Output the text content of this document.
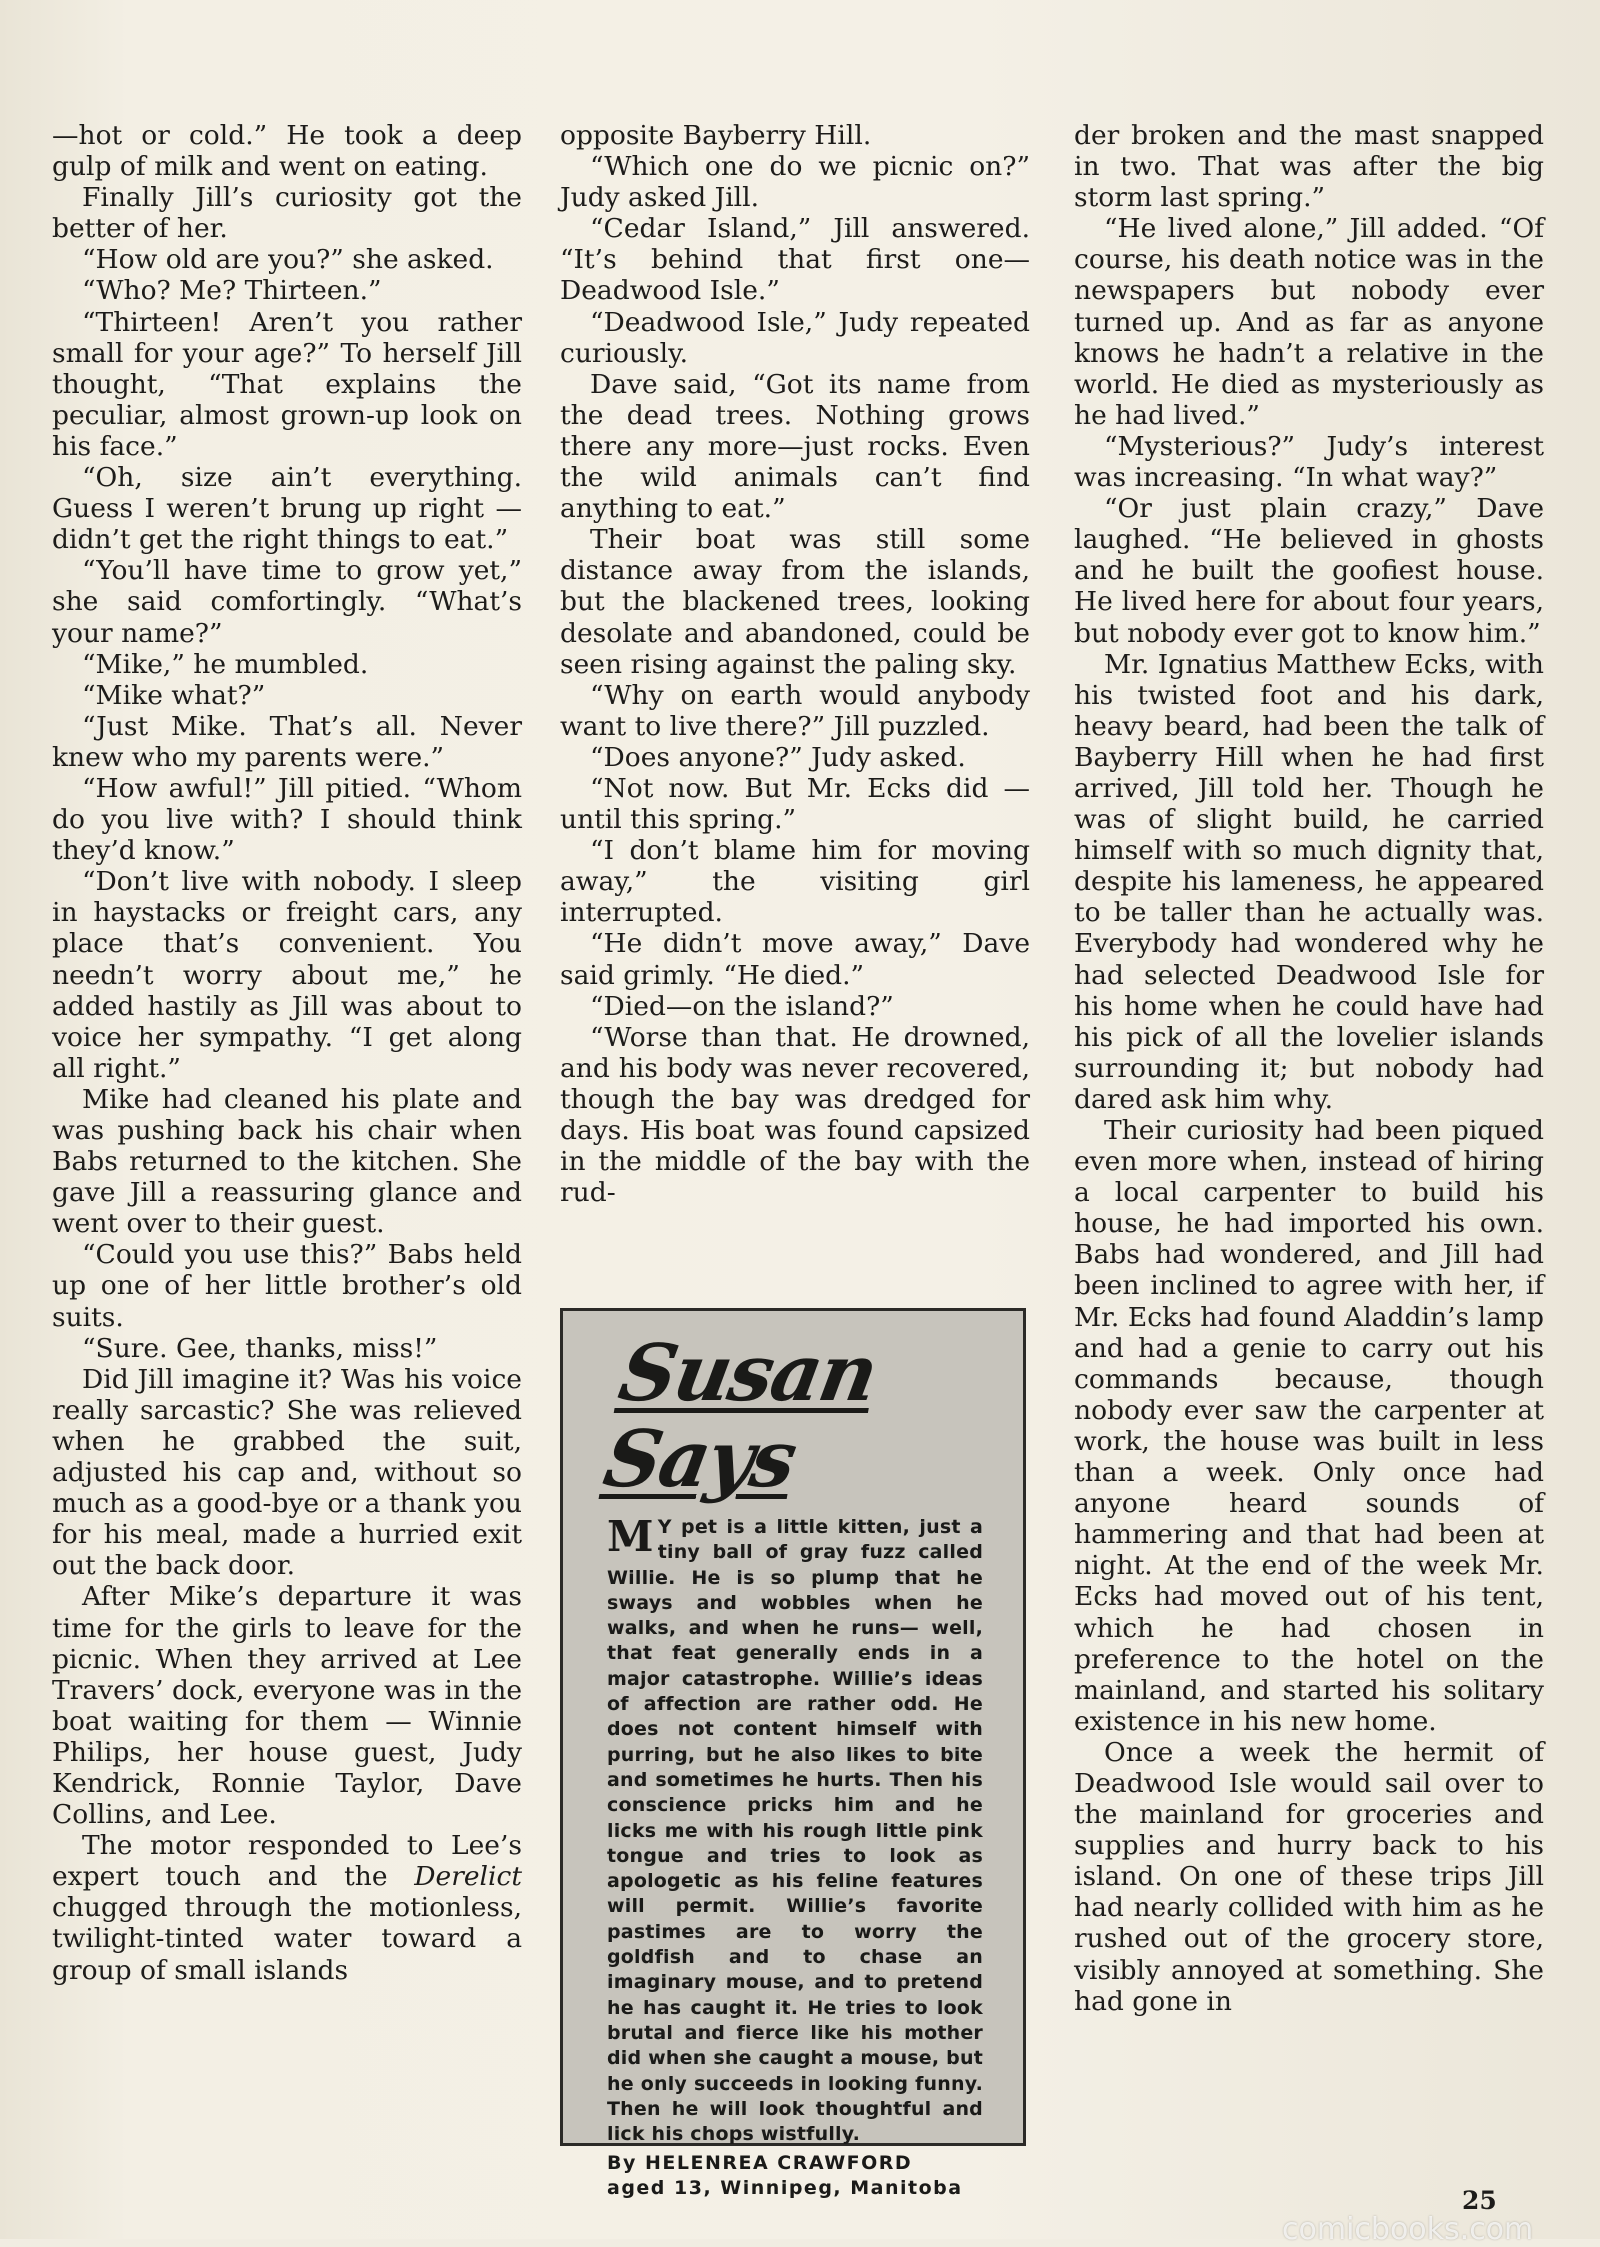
—hot or cold.” He took a deep gulp of milk and went on eating.

Finally Jill’s curiosity got the better of her.

“How old are you?” she asked.

“Who? Me? Thirteen.”

“Thirteen! Aren’t you rather small for your age?” To herself Jill thought, “That explains the peculiar, almost grown-up look on his face.”

“Oh, size ain’t everything. Guess I weren’t brung up right —didn’t get the right things to eat.”

“You’ll have time to grow yet,” she said comfortingly. “What’s your name?”

“Mike,” he mumbled.

“Mike what?”

“Just Mike. That’s all. Never knew who my parents were.”

“How awful!” Jill pitied. “Whom do you live with? I should think they’d know.”

“Don’t live with nobody. I sleep in haystacks or freight cars, any place that’s convenient. You needn’t worry about me,” he added hastily as Jill was about to voice her sympathy. “I get along all right.”

Mike had cleaned his plate and was pushing back his chair when Babs returned to the kitchen. She gave Jill a reassuring glance and went over to their guest.

“Could you use this?” Babs held up one of her little brother’s old suits.

“Sure. Gee, thanks, miss!”

Did Jill imagine it? Was his voice really sarcastic? She was relieved when he grabbed the suit, adjusted his cap and, without so much as a good-bye or a thank you for his meal, made a hurried exit out the back door.

After Mike’s departure it was time for the girls to leave for the picnic. When they arrived at Lee Travers’ dock, everyone was in the boat waiting for them — Winnie Philips, her house guest, Judy Kendrick, Ronnie Taylor, Dave Collins, and Lee.

The motor responded to Lee’s expert touch and the Derelict chugged through the motionless, twilight-tinted water toward a group of small islands

opposite Bayberry Hill.

“Which one do we picnic on?” Judy asked Jill.

“Cedar Island,” Jill answered. “It’s behind that first one— Deadwood Isle.”

“Deadwood Isle,” Judy repeated curiously.

Dave said, “Got its name from the dead trees. Nothing grows there any more—just rocks. Even the wild animals can’t find anything to eat.”

Their boat was still some distance away from the islands, but the blackened trees, looking desolate and abandoned, could be seen rising against the paling sky.

“Why on earth would anybody want to live there?” Jill puzzled.

“Does anyone?” Judy asked.

“Not now. But Mr. Ecks did —until this spring.”

“I don’t blame him for moving away,” the visiting girl interrupted.

“He didn’t move away,” Dave said grimly. “He died.”

“Died—on the island?”

“Worse than that. He drowned, and his body was never recovered, though the bay was dredged for days. His boat was found capsized in the middle of the bay with the rud-

Susan Says
M Y pet is a little kitten, just a tiny ball of gray fuzz called Willie. He is so plump that he sways and wobbles when he walks, and when he runs— well, that feat generally ends in a major catastrophe. Willie’s ideas of affection are rather odd. He does not content himself with purring, but he also likes to bite and sometimes he hurts. Then his conscience pricks him and he licks me with his rough little pink tongue and tries to look as apologetic as his feline features will permit. Willie’s favorite pastimes are to worry the goldfish and to chase an imaginary mouse, and to pretend he has caught it. He tries to look brutal and fierce like his mother did when she caught a mouse, but he only succeeds in looking funny. Then he will look thoughtful and lick his chops wistfully.
By HELENREA CRAWFORD
aged 13, Winnipeg, Manitoba

der broken and the mast snapped in two. That was after the big storm last spring.”

“He lived alone,” Jill added. “Of course, his death notice was in the newspapers but nobody ever turned up. And as far as anyone knows he hadn’t a relative in the world. He died as mysteriously as he had lived.”

“Mysterious?” Judy’s interest was increasing. “In what way?”

“Or just plain crazy,” Dave laughed. “He believed in ghosts and he built the goofiest house. He lived here for about four years, but nobody ever got to know him.”

Mr. Ignatius Matthew Ecks, with his twisted foot and his dark, heavy beard, had been the talk of Bayberry Hill when he had first arrived, Jill told her. Though he was of slight build, he carried himself with so much dignity that, despite his lameness, he appeared to be taller than he actually was. Everybody had wondered why he had selected Deadwood Isle for his home when he could have had his pick of all the lovelier islands surrounding it; but nobody had dared ask him why.

Their curiosity had been piqued even more when, instead of hiring a local carpenter to build his house, he had imported his own. Babs had wondered, and Jill had been inclined to agree with her, if Mr. Ecks had found Aladdin’s lamp and had a genie to carry out his commands because, though nobody ever saw the carpenter at work, the house was built in less than a week. Only once had anyone heard sounds of hammering and that had been at night. At the end of the week Mr. Ecks had moved out of his tent, which he had chosen in preference to the hotel on the mainland, and started his solitary existence in his new home.

Once a week the hermit of Deadwood Isle would sail over to the mainland for groceries and supplies and hurry back to his island. On one of these trips Jill had nearly collided with him as he rushed out of the grocery store, visibly annoyed at something. She had gone in

25
comicbooks.com
